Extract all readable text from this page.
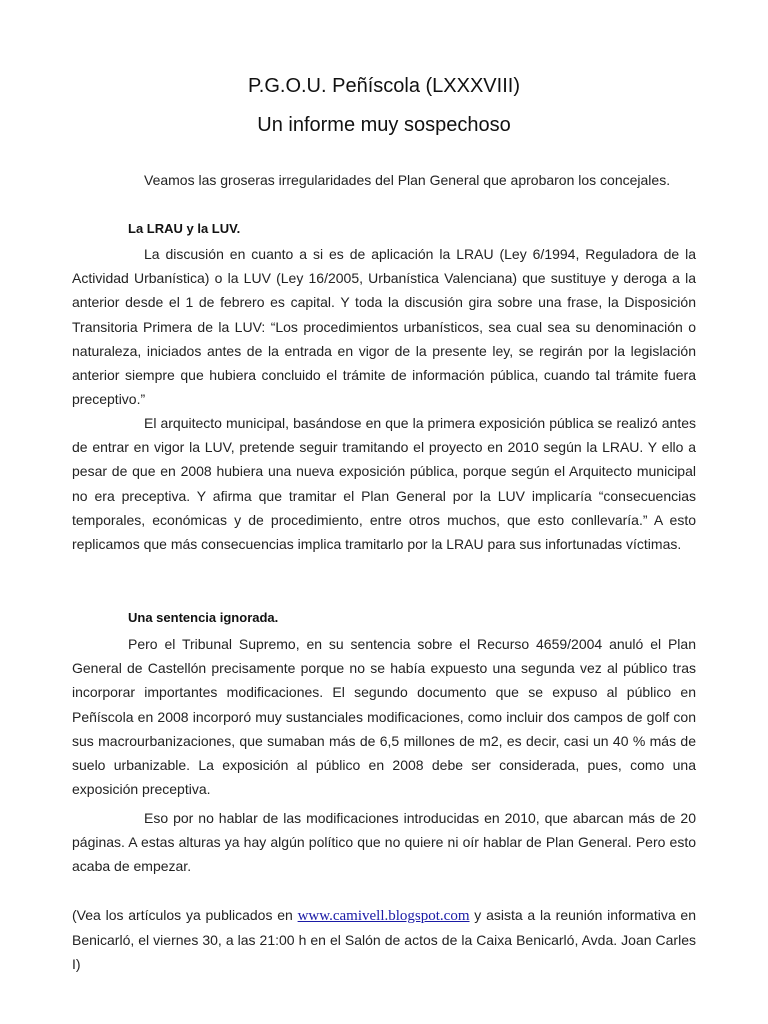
P.G.O.U. Peñíscola (LXXXVIII)
Un informe muy sospechoso
Veamos las groseras irregularidades del Plan General que aprobaron los concejales.
La LRAU y la LUV.
La discusión en cuanto a si es de aplicación la LRAU (Ley 6/1994, Reguladora de la Actividad Urbanística) o la LUV (Ley 16/2005, Urbanística Valenciana) que sustituye y deroga a la anterior desde el 1 de febrero es capital. Y toda la discusión gira sobre una frase, la Disposición Transitoria Primera de la LUV: “Los procedimientos urbanísticos, sea cual sea su denominación o naturaleza, iniciados antes de la entrada en vigor de la presente ley, se regirán por la legislación anterior siempre que hubiera concluido el trámite de información pública, cuando tal trámite fuera preceptivo.”
El arquitecto municipal, basándose en que la primera exposición pública se realizó antes de entrar en vigor la LUV, pretende seguir tramitando el proyecto en 2010 según la LRAU. Y ello a pesar de que en 2008 hubiera una nueva exposición pública, porque según el Arquitecto municipal no era preceptiva. Y afirma que tramitar el Plan General por la LUV implicaría “consecuencias temporales, económicas y de procedimiento, entre otros muchos, que esto conllevaría.” A esto replicamos que más consecuencias implica tramitarlo por la LRAU para sus infortunadas víctimas.
Una sentencia ignorada.
Pero el Tribunal Supremo, en su sentencia sobre el Recurso 4659/2004 anuló el Plan General de Castellón precisamente porque no se había expuesto una segunda vez al público tras incorporar importantes modificaciones. El segundo documento que se expuso al público en Peñíscola en 2008 incorporó muy sustanciales modificaciones, como incluir dos campos de golf con sus macrourbanizaciones, que sumaban más de 6,5 millones de m2, es decir, casi un 40 % más de suelo urbanizable. La exposición al público en 2008 debe ser considerada, pues, como una exposición preceptiva.
Eso por no hablar de las modificaciones introducidas en 2010, que abarcan más de 20 páginas. A estas alturas ya hay algún político que no quiere ni oír hablar de Plan General. Pero esto acaba de empezar.
(Vea los artículos ya publicados en www.camivell.blogspot.com y asista a la reunión informativa en Benicarló, el viernes 30, a las 21:00 h en el Salón de actos de la Caixa Benicarló, Avda. Joan Carles I)
